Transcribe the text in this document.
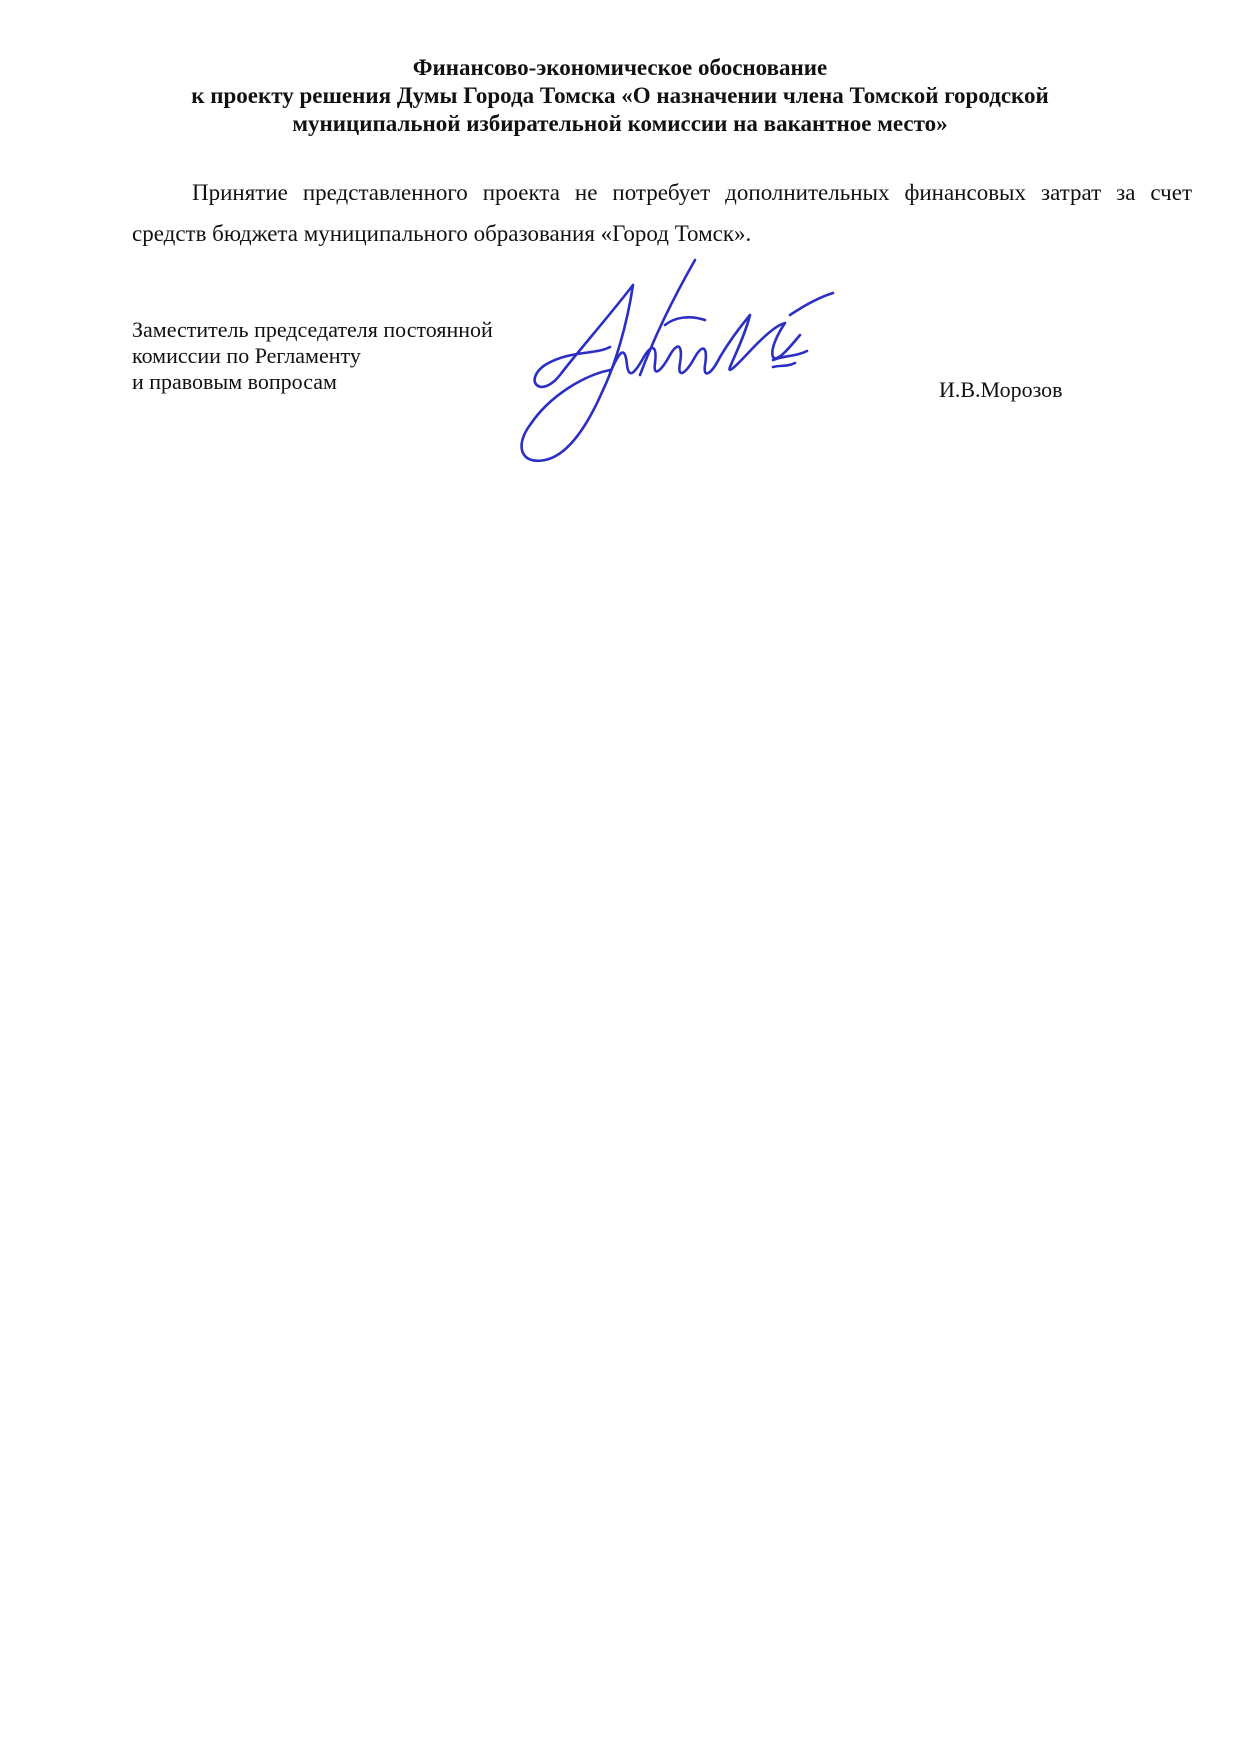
Финансово-экономическое обоснование
к проекту решения Думы Города Томска «О назначении члена Томской городской
муниципальной избирательной комиссии на вакантное место»
Принятие представленного проекта не потребует дополнительных финансовых затрат за счет
средств бюджета муниципального образования «Город Томск».
Заместитель председателя постоянной
комиссии по Регламенту
и правовым вопросам	И.В.Морозов
